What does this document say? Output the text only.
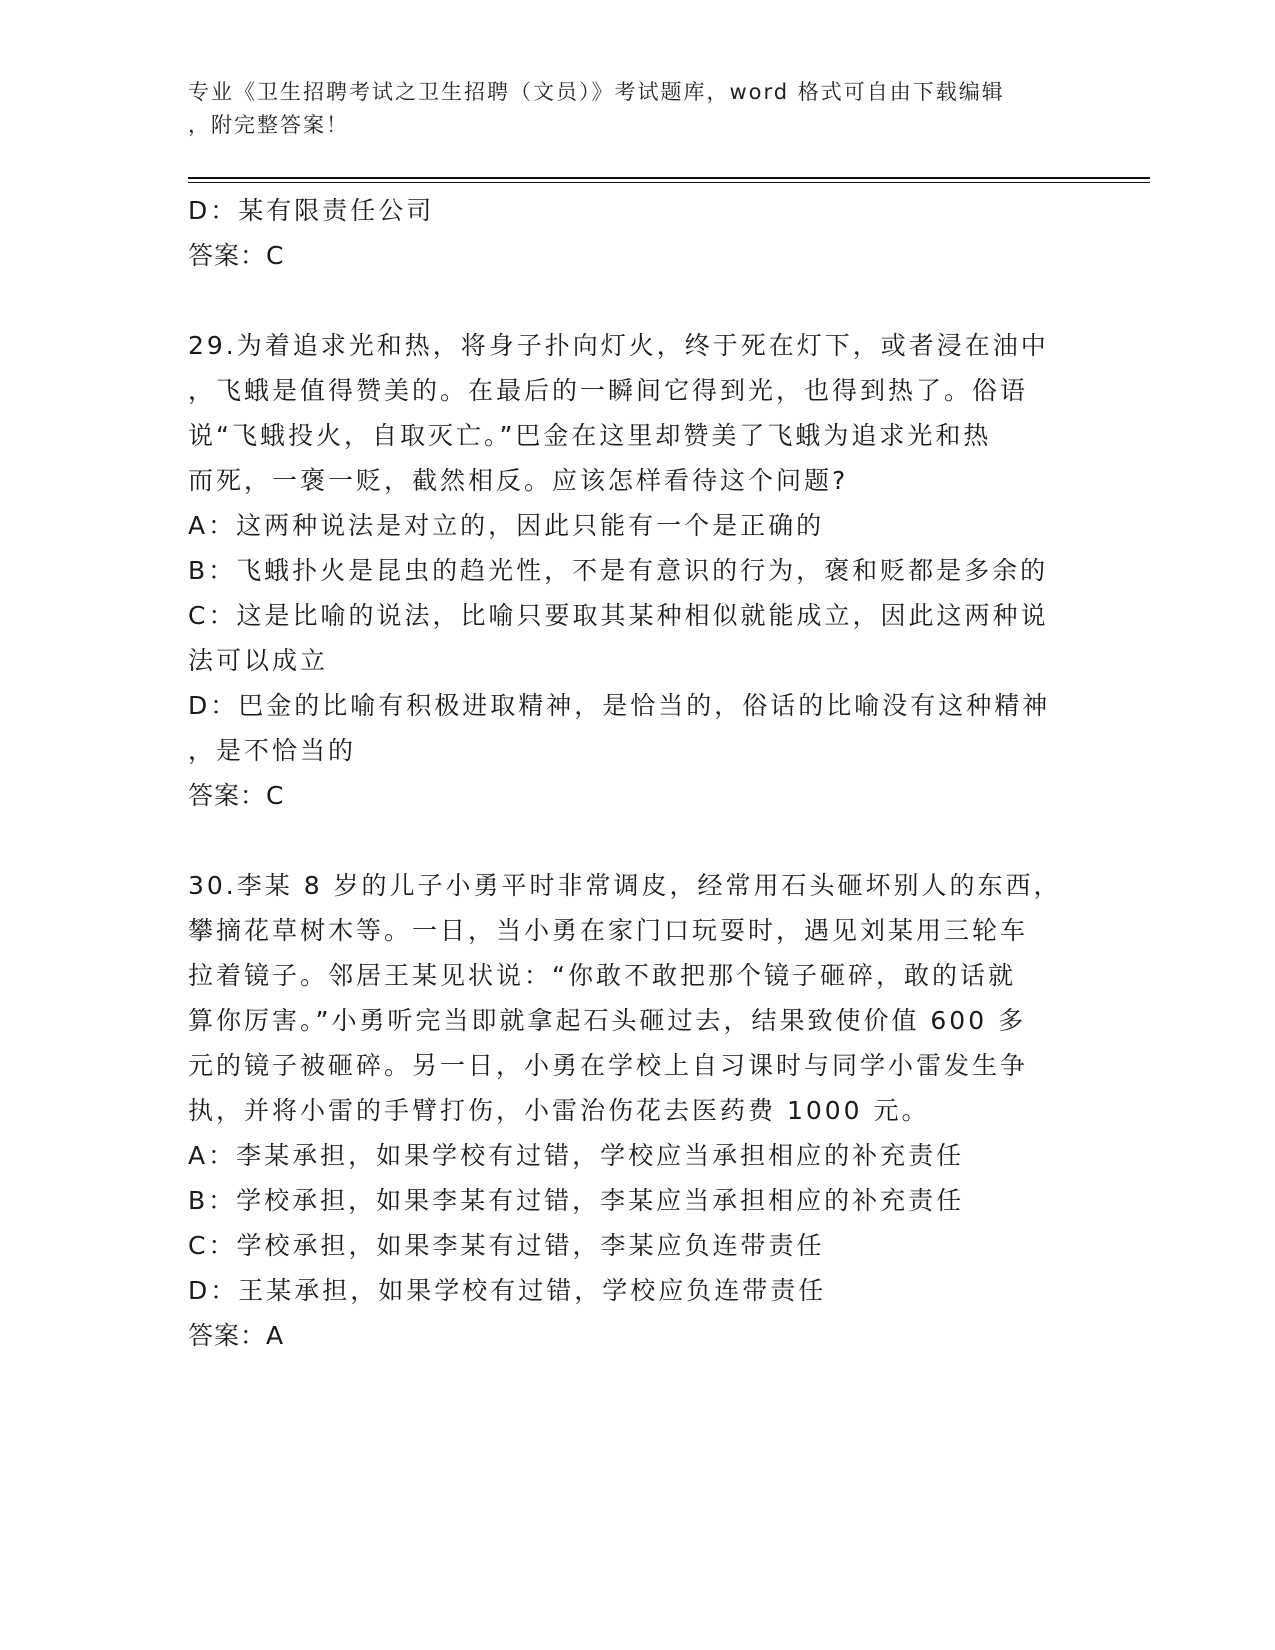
专业《卫生招聘考试之卫生招聘（文员）》考试题库，word 格式可自由下载编辑
，附完整答案！
D：某有限责任公司
答案：C
29.为着追求光和热，将身子扑向灯火，终于死在灯下，或者浸在油中
，飞蛾是值得赞美的。在最后的一瞬间它得到光，也得到热了。俗语
说“飞蛾投火，自取灭亡。”巴金在这里却赞美了飞蛾为追求光和热
而死，一褒一贬，截然相反。应该怎样看待这个问题?
A：这两种说法是对立的，因此只能有一个是正确的
B：飞蛾扑火是昆虫的趋光性，不是有意识的行为，褒和贬都是多余的
C：这是比喻的说法，比喻只要取其某种相似就能成立，因此这两种说
法可以成立
D：巴金的比喻有积极进取精神，是恰当的，俗话的比喻没有这种精神
，是不恰当的
答案：C
30.李某 8 岁的儿子小勇平时非常调皮，经常用石头砸坏别人的东西，
攀摘花草树木等。一日，当小勇在家门口玩耍时，遇见刘某用三轮车
拉着镜子。邻居王某见状说：“你敢不敢把那个镜子砸碎，敢的话就
算你厉害。”小勇听完当即就拿起石头砸过去，结果致使价值 600 多
元的镜子被砸碎。另一日，小勇在学校上自习课时与同学小雷发生争
执，并将小雷的手臂打伤，小雷治伤花去医药费 1000 元。
A：李某承担，如果学校有过错，学校应当承担相应的补充责任
B：学校承担，如果李某有过错，李某应当承担相应的补充责任
C：学校承担，如果李某有过错，李某应负连带责任
D：王某承担，如果学校有过错，学校应负连带责任
答案：A
